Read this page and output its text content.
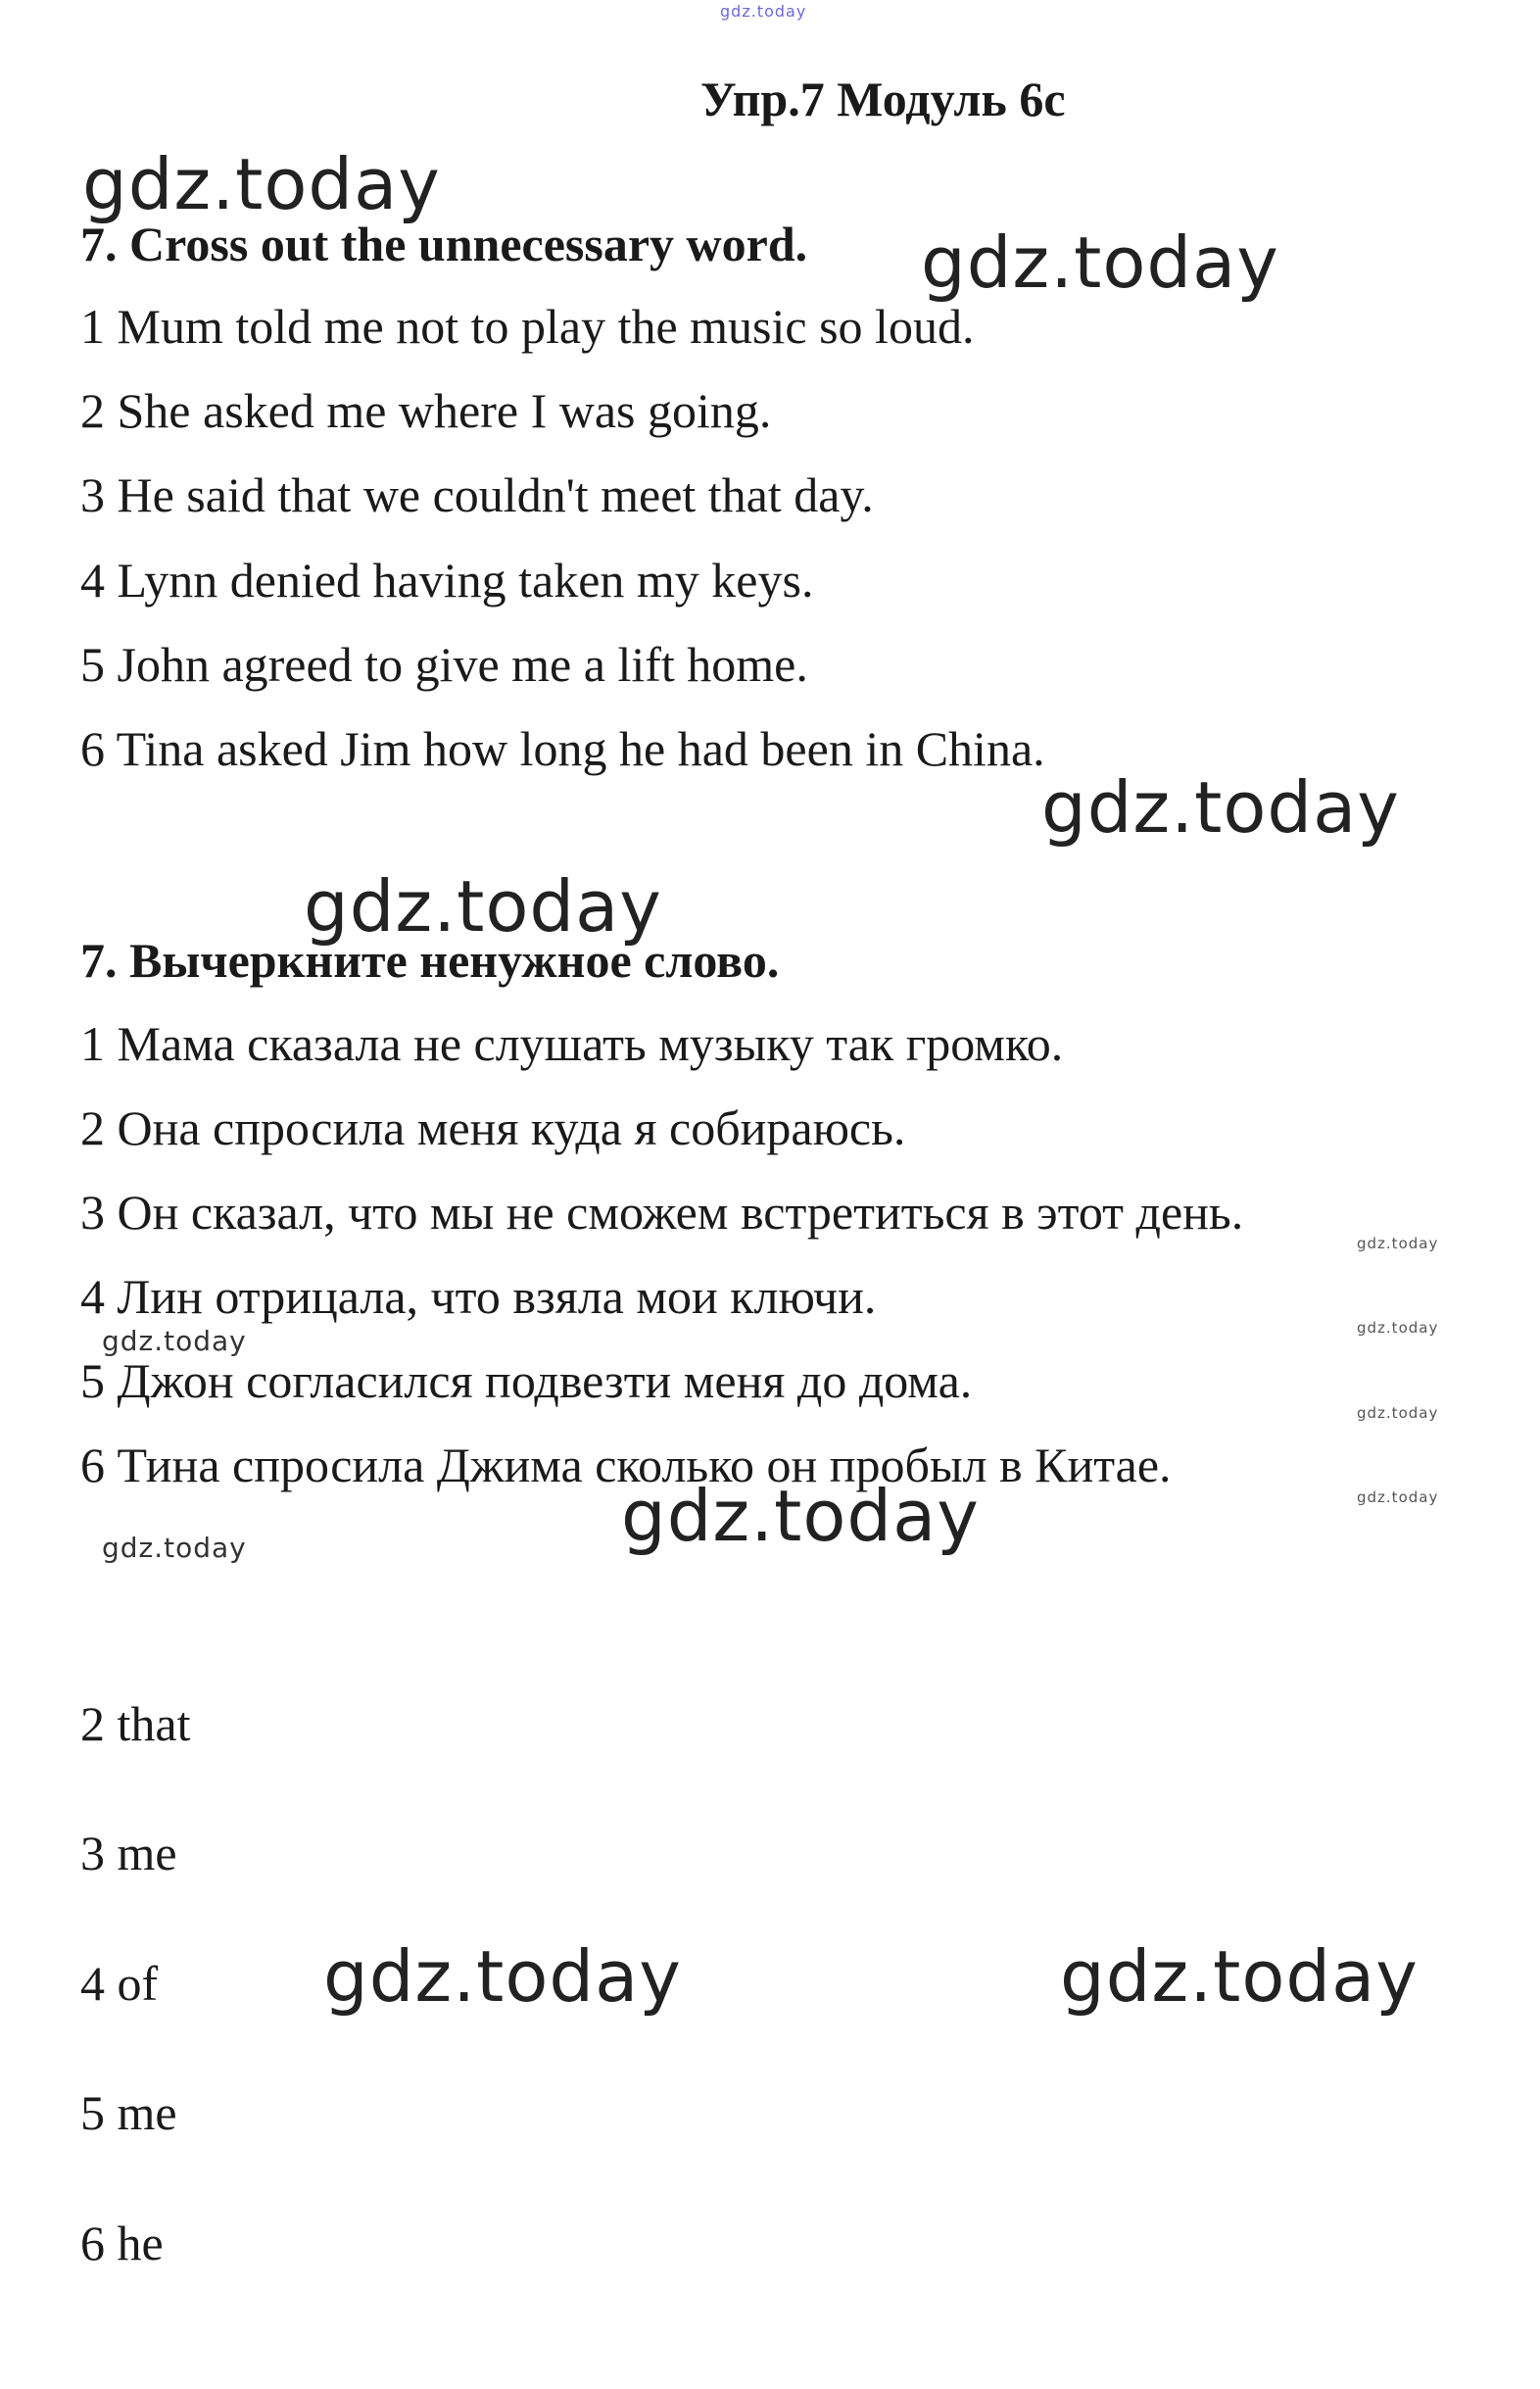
gdz.today
Упр.7 Модуль 6с
gdz.today
7. Cross out the unnecessary word. gdz.today
1 Mum told me not to play the music so loud.
2 She asked me where I was going.
3 He said that we couldn't meet that day.
4 Lynn denied having taken my keys.
5 John agreed to give me a lift home.
6 Tina asked Jim how long he had been in China.
gdz.today
gdz.today
7. Вычеркните ненужное слово.
1 Мама сказала не слушать музыку так громко.
2 Она спросила меня куда я собираюсь.
3 Он сказал, что мы не сможем встретиться в этот день.
gdz.today
4 Лин отрицала, что взяла мои ключи.
gdz.today	gdz.today
5 Джон согласился подвезти меня до дома.
gdz.today
6 Тина спросила Джима сколько он пробыл в Китае.
gdz.today
gdz.today
gdz.today
2 that
3 me
4 of gdz.today	gdz.today
5 me
6 he
